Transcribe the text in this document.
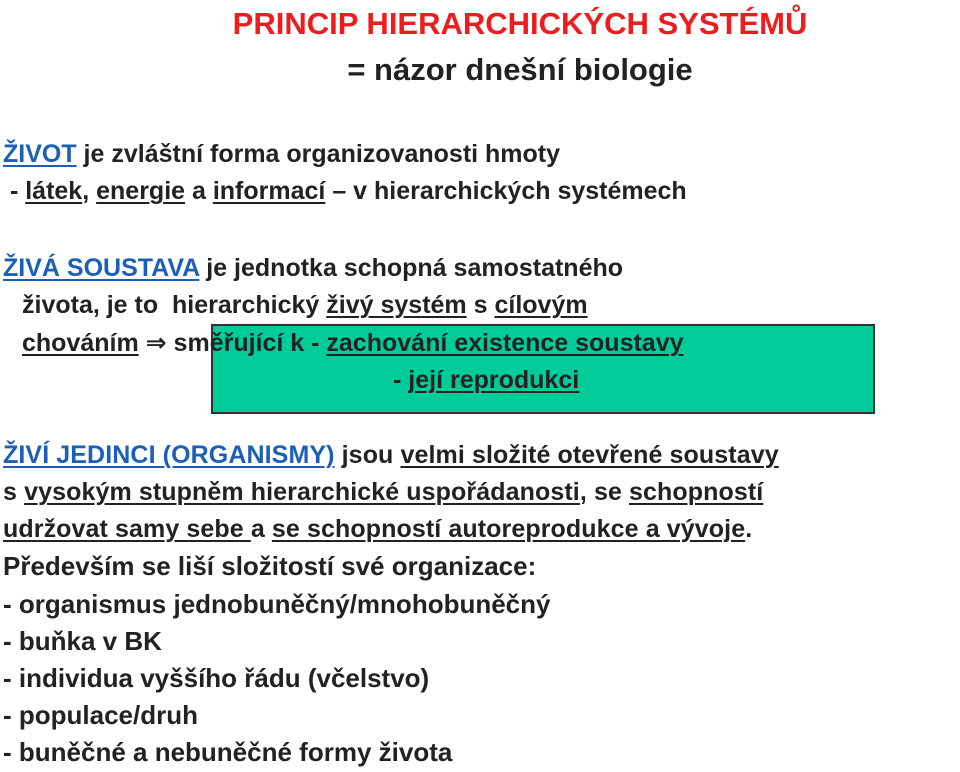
PRINCIP HIERARCHICKÝCH SYSTÉMŮ
= názor dnešní biologie
ŽIVOT je zvláštní forma organizovanosti hmoty
- látek, energie a informací – v hierarchických systémech
ŽIVÁ SOUSTAVA je jednotka schopná samostatného
života, je to  hierarchický živý systém s cílovým
chováním ⇒ směřující k - zachování existence soustavy
- její reprodukci
ŽIVÍ JEDINCI (ORGANISMY) jsou velmi složité otevřené soustavy
s vysokým stupněm hierarchické uspořádanosti, se schopností
udržovat samy sebe a se schopností autoreprodukce a vývoje.
Především se liší složitostí své organizace:
- organismus jednobuněčný/mnohobuněčný
- buňka v BK
- individua vyššího řádu (včelstvo)
- populace/druh
- buněčné a nebuněčné formy života
